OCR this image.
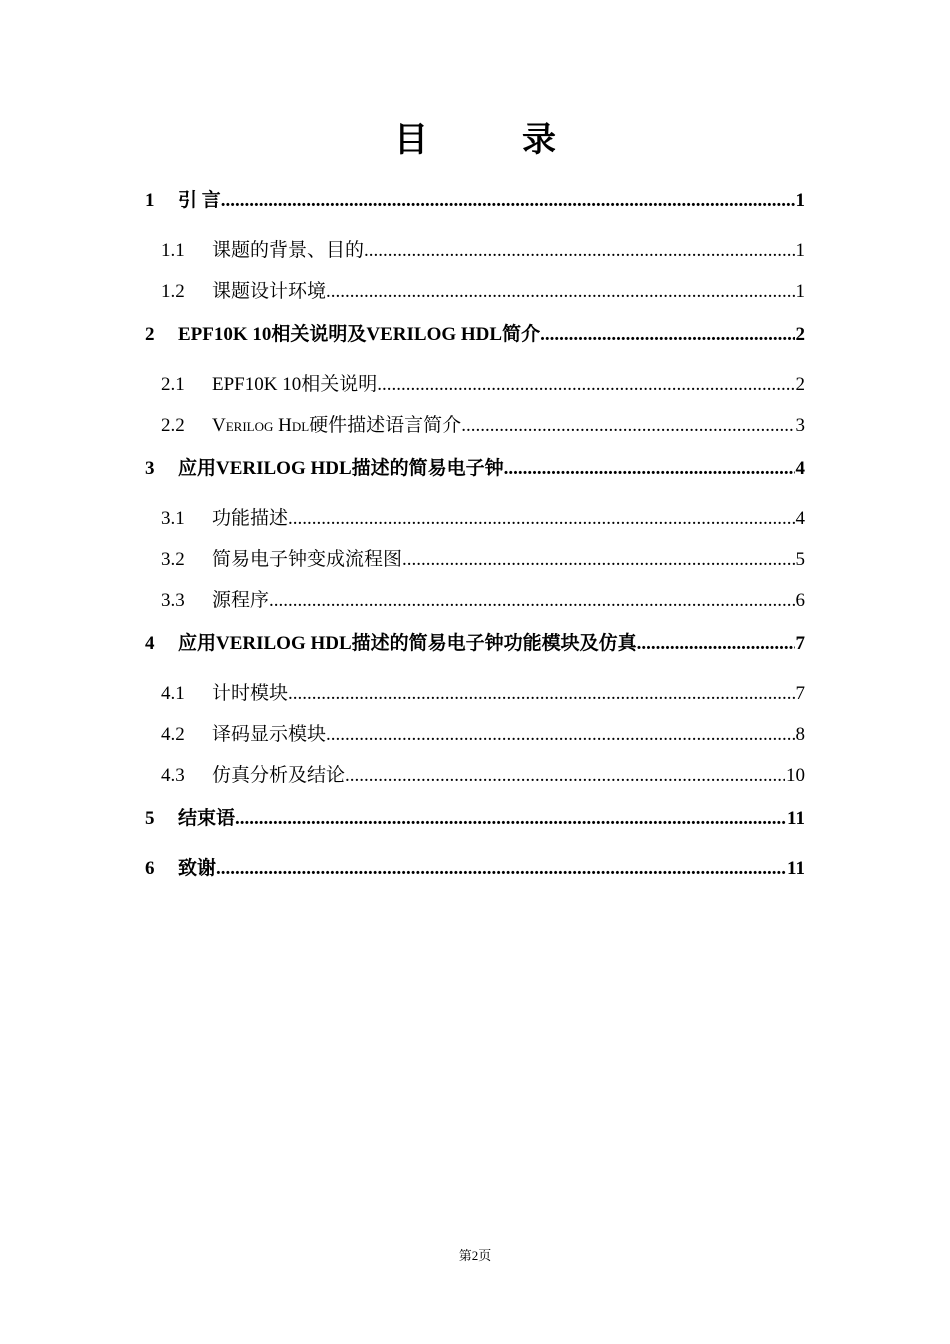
目　录
1	引 言 .....	1
1.1	课题的背景、目的 .....	1
1.2	课题设计环境 .....	1
2	EPF10K 10相关说明及VERILOG HDL简介 .....	2
2.1	EPF10K 10相关说明 .....	2
2.2	Verilog Hdl硬件描述语言简介 .....	3
3	应用VERILOG HDL描述的简易电子钟 .....	4
3.1	功能描述 .....	4
3.2	简易电子钟变成流程图 .....	5
3.3	源程序 .....	6
4	应用VERILOG HDL描述的简易电子钟功能模块及仿真 .....	7
4.1	计时模块 .....	7
4.2	译码显示模块 .....	8
4.3	仿真分析及结论 .....	10
5	结束语 .....	11
6	致谢 .....	11
第2页
